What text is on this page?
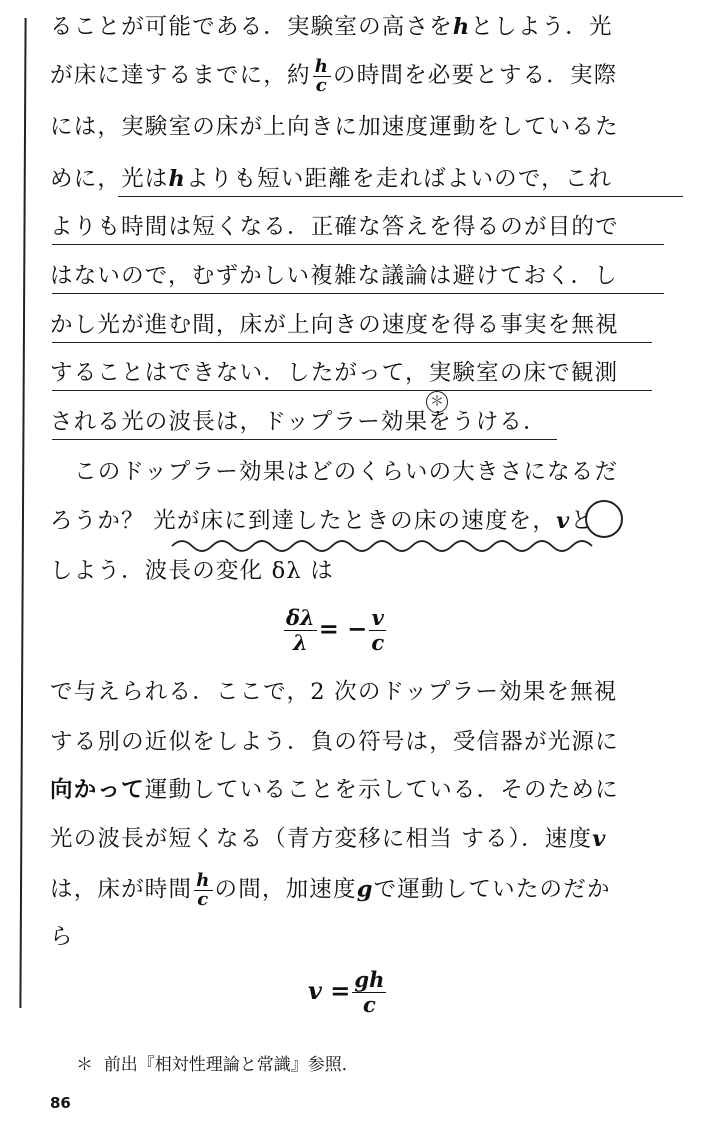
ることが可能である．実験室の高さをhとしよう．光
が床に達するまでに，約 $\frac{h}{c}$ の時間を必要とする．実際
には，実験室の床が上向きに加速度運動をしているた
めに，光はhよりも短い距離を走ればよいので，これ
よりも時間は短くなる．正確な答えを得るのが目的で
はないので，むずかしい複雑な議論は避けておく．し
かし光が進む間，床が上向きの速度を得る事実を無視
することはできない．したがって，実験室の床で観測
される光の波長は，ドップラー効果をうける．
＊
このドップラー効果はどのくらいの大きさになるだ
ろうか？ 光が床に到達したときの床の速度を，vと
しよう．波長の変化 δλ は
$\frac{\delta\lambda}{\lambda}$ = − $\frac{v}{c}$
で与えられる．ここで，2 次のドップラー効果を無視
する別の近似をしよう．負の符号は，受信器が光源に
向かって運動していることを示している．そのために
光の波長が短くなる（青方変移に相当 する）．速度v
は，床が時間 $\frac{h}{c}$ の間，加速度gで運動していたのだか
ら
$v = \frac{gh}{c}$
＊ 前出『相対性理論と常識』参照．
86
